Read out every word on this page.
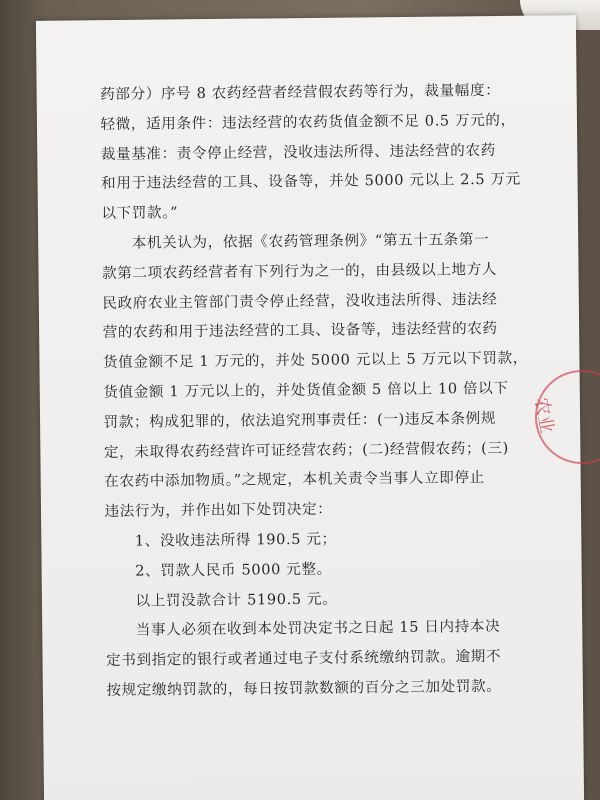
药部分）序号 8 农药经营者经营假农药等行为，裁量幅度：
轻微，适用条件：违法经营的农药货值金额不足 0.5 万元的，
裁量基准：责令停止经营，没收违法所得、违法经营的农药
和用于违法经营的工具、设备等，并处 5000 元以上 2.5 万元
以下罚款。”
本机关认为，依据《农药管理条例》“第五十五条第一
款第二项农药经营者有下列行为之一的，由县级以上地方人
民政府农业主管部门责令停止经营，没收违法所得、违法经
营的农药和用于违法经营的工具、设备等，违法经营的农药
货值金额不足 1 万元的，并处 5000 元以上 5 万元以下罚款，
货值金额 1 万元以上的，并处货值金额 5 倍以上 10 倍以下
罚款；构成犯罪的，依法追究刑事责任：(一)违反本条例规
定，未取得农药经营许可证经营农药；(二)经营假农药；(三)
在农药中添加物质。”之规定，本机关责令当事人立即停止
违法行为，并作出如下处罚决定：
1、没收违法所得 190.5 元；
2、罚款人民币 5000 元整。
以上罚没款合计 5190.5 元。
当事人必须在收到本处罚决定书之日起 15 日内持本决
定书到指定的银行或者通过电子支付系统缴纳罚款。逾期不
按规定缴纳罚款的，每日按罚款数额的百分之三加处罚款。
农业
